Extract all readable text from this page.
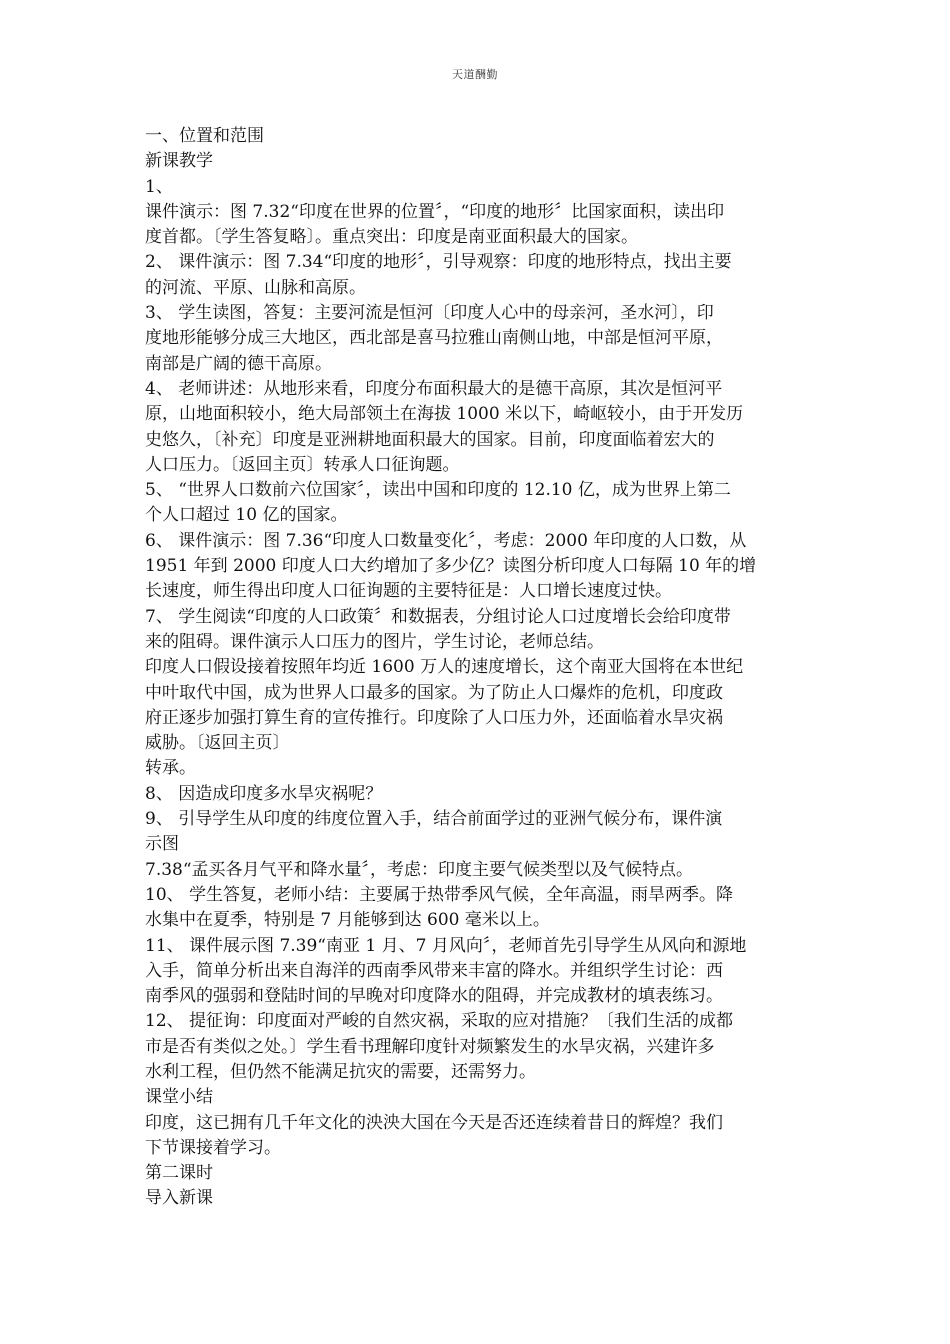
天道酬勤

一、位置和范围

新课教学

1、

课件演示：图 7.32“印度在世界的位置〞，“印度的地形〞比国家面积，读出印

度首都。〔学生答复略〕。重点突出：印度是南亚面积最大的国家。

2、 课件演示：图 7.34“印度的地形〞，引导观察：印度的地形特点，找出主要

的河流、平原、山脉和高原。

3、 学生读图，答复：主要河流是恒河〔印度人心中的母亲河，圣水河〕，印

度地形能够分成三大地区，西北部是喜马拉雅山南侧山地，中部是恒河平原，

南部是广阔的德干高原。

4、 老师讲述：从地形来看，印度分布面积最大的是德干高原，其次是恒河平

原，山地面积较小，绝大局部领土在海拔 1000 米以下，崎岖较小，由于开发历

史悠久，〔补充〕印度是亚洲耕地面积最大的国家。目前，印度面临着宏大的

人口压力。〔返回主页〕转承人口征询题。

5、 “世界人口数前六位国家〞，读出中国和印度的 12.10 亿，成为世界上第二

个人口超过 10 亿的国家。

6、 课件演示：图 7.36“印度人口数量变化〞，考虑：2000 年印度的人口数，从

1951 年到 2000 印度人口大约增加了多少亿？读图分析印度人口每隔 10 年的增

长速度，师生得出印度人口征询题的主要特征是：人口增长速度过快。

7、 学生阅读“印度的人口政策〞和数据表，分组讨论人口过度增长会给印度带

来的阻碍。课件演示人口压力的图片，学生讨论，老师总结。

印度人口假设接着按照年均近 1600 万人的速度增长，这个南亚大国将在本世纪

中叶取代中国，成为世界人口最多的国家。为了防止人口爆炸的危机，印度政

府正逐步加强打算生育的宣传推行。印度除了人口压力外，还面临着水旱灾祸

威胁。〔返回主页〕

转承。

8、 因造成印度多水旱灾祸呢？

9、 引导学生从印度的纬度位置入手，结合前面学过的亚洲气候分布，课件演

示图

7.38“孟买各月气平和降水量〞，考虑：印度主要气候类型以及气候特点。

10、 学生答复，老师小结：主要属于热带季风气候，全年高温，雨旱两季。降

水集中在夏季，特别是 7 月能够到达 600 毫米以上。

11、 课件展示图 7.39“南亚 1 月、7 月风向〞，老师首先引导学生从风向和源地

入手，简单分析出来自海洋的西南季风带来丰富的降水。并组织学生讨论：西

南季风的强弱和登陆时间的早晚对印度降水的阻碍，并完成教材的填表练习。

12、 提征询：印度面对严峻的自然灾祸，采取的应对措施？〔我们生活的成都

市是否有类似之处。〕学生看书理解印度针对频繁发生的水旱灾祸，兴建许多

水利工程，但仍然不能满足抗灾的需要，还需努力。

课堂小结

印度，这已拥有几千年文化的泱泱大国在今天是否还连续着昔日的辉煌？我们

下节课接着学习。

第二课时

导入新课
